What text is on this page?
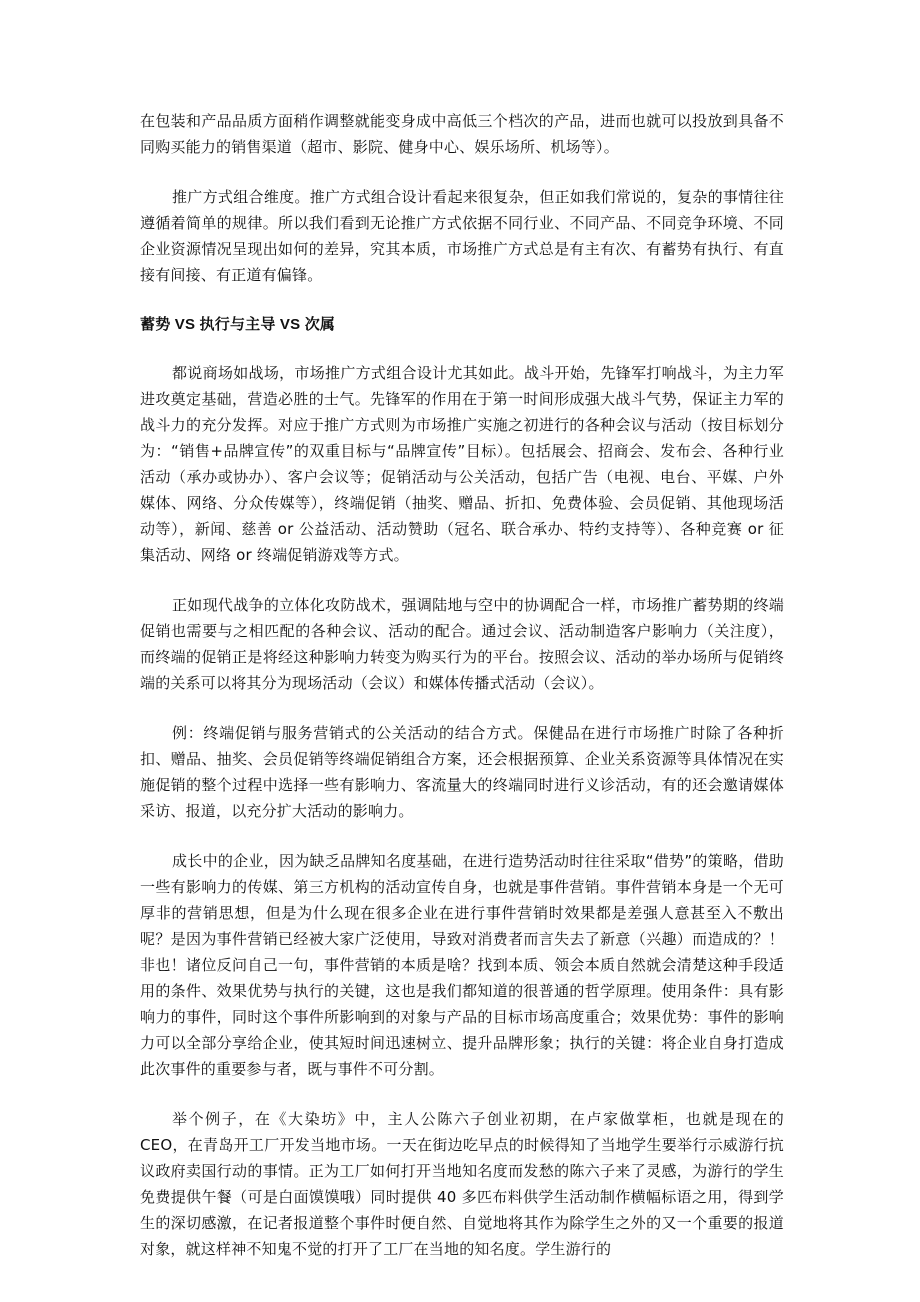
在包装和产品品质方面稍作调整就能变身成中高低三个档次的产品，进而也就可以投放到具备不同购买能力的销售渠道（超市、影院、健身中心、娱乐场所、机场等）。

推广方式组合维度。推广方式组合设计看起来很复杂，但正如我们常说的，复杂的事情往往遵循着简单的规律。所以我们看到无论推广方式依据不同行业、不同产品、不同竞争环境、不同企业资源情况呈现出如何的差异，究其本质，市场推广方式总是有主有次、有蓄势有执行、有直接有间接、有正道有偏锋。

蓄势 VS 执行与主导 VS 次属

都说商场如战场，市场推广方式组合设计尤其如此。战斗开始，先锋军打响战斗，为主力军进攻奠定基础，营造必胜的士气。先锋军的作用在于第一时间形成强大战斗气势，保证主力军的战斗力的充分发挥。对应于推广方式则为市场推广实施之初进行的各种会议与活动（按目标划分为：“销售+品牌宣传”的双重目标与“品牌宣传”目标）。包括展会、招商会、发布会、各种行业活动（承办或协办）、客户会议等；促销活动与公关活动，包括广告（电视、电台、平媒、户外媒体、网络、分众传媒等），终端促销（抽奖、赠品、折扣、免费体验、会员促销、其他现场活动等），新闻、慈善 or 公益活动、活动赞助（冠名、联合承办、特约支持等）、各种竞赛 or 征集活动、网络 or 终端促销游戏等方式。

正如现代战争的立体化攻防战术，强调陆地与空中的协调配合一样，市场推广蓄势期的终端促销也需要与之相匹配的各种会议、活动的配合。通过会议、活动制造客户影响力（关注度），而终端的促销正是将经这种影响力转变为购买行为的平台。按照会议、活动的举办场所与促销终端的关系可以将其分为现场活动（会议）和媒体传播式活动（会议）。

例：终端促销与服务营销式的公关活动的结合方式。保健品在进行市场推广时除了各种折扣、赠品、抽奖、会员促销等终端促销组合方案，还会根据预算、企业关系资源等具体情况在实施促销的整个过程中选择一些有影响力、客流量大的终端同时进行义诊活动，有的还会邀请媒体采访、报道，以充分扩大活动的影响力。

成长中的企业，因为缺乏品牌知名度基础，在进行造势活动时往往采取“借势”的策略，借助一些有影响力的传媒、第三方机构的活动宣传自身，也就是事件营销。事件营销本身是一个无可厚非的营销思想，但是为什么现在很多企业在进行事件营销时效果都是差强人意甚至入不敷出呢？是因为事件营销已经被大家广泛使用，导致对消费者而言失去了新意（兴趣）而造成的？！非也！诸位反问自己一句，事件营销的本质是啥？找到本质、领会本质自然就会清楚这种手段适用的条件、效果优势与执行的关键，这也是我们都知道的很普通的哲学原理。使用条件：具有影响力的事件，同时这个事件所影响到的对象与产品的目标市场高度重合；效果优势：事件的影响力可以全部分享给企业，使其短时间迅速树立、提升品牌形象；执行的关键：将企业自身打造成此次事件的重要参与者，既与事件不可分割。

举个例子，在《大染坊》中，主人公陈六子创业初期，在卢家做掌柜，也就是现在的 CEO，在青岛开工厂开发当地市场。一天在街边吃早点的时候得知了当地学生要举行示威游行抗议政府卖国行动的事情。正为工厂如何打开当地知名度而发愁的陈六子来了灵感，为游行的学生免费提供午餐（可是白面馍馍哦）同时提供 40 多匹布料供学生活动制作横幅标语之用，得到学生的深切感激，在记者报道整个事件时便自然、自觉地将其作为除学生之外的又一个重要的报道对象，就这样神不知鬼不觉的打开了工厂在当地的知名度。学生游行的
